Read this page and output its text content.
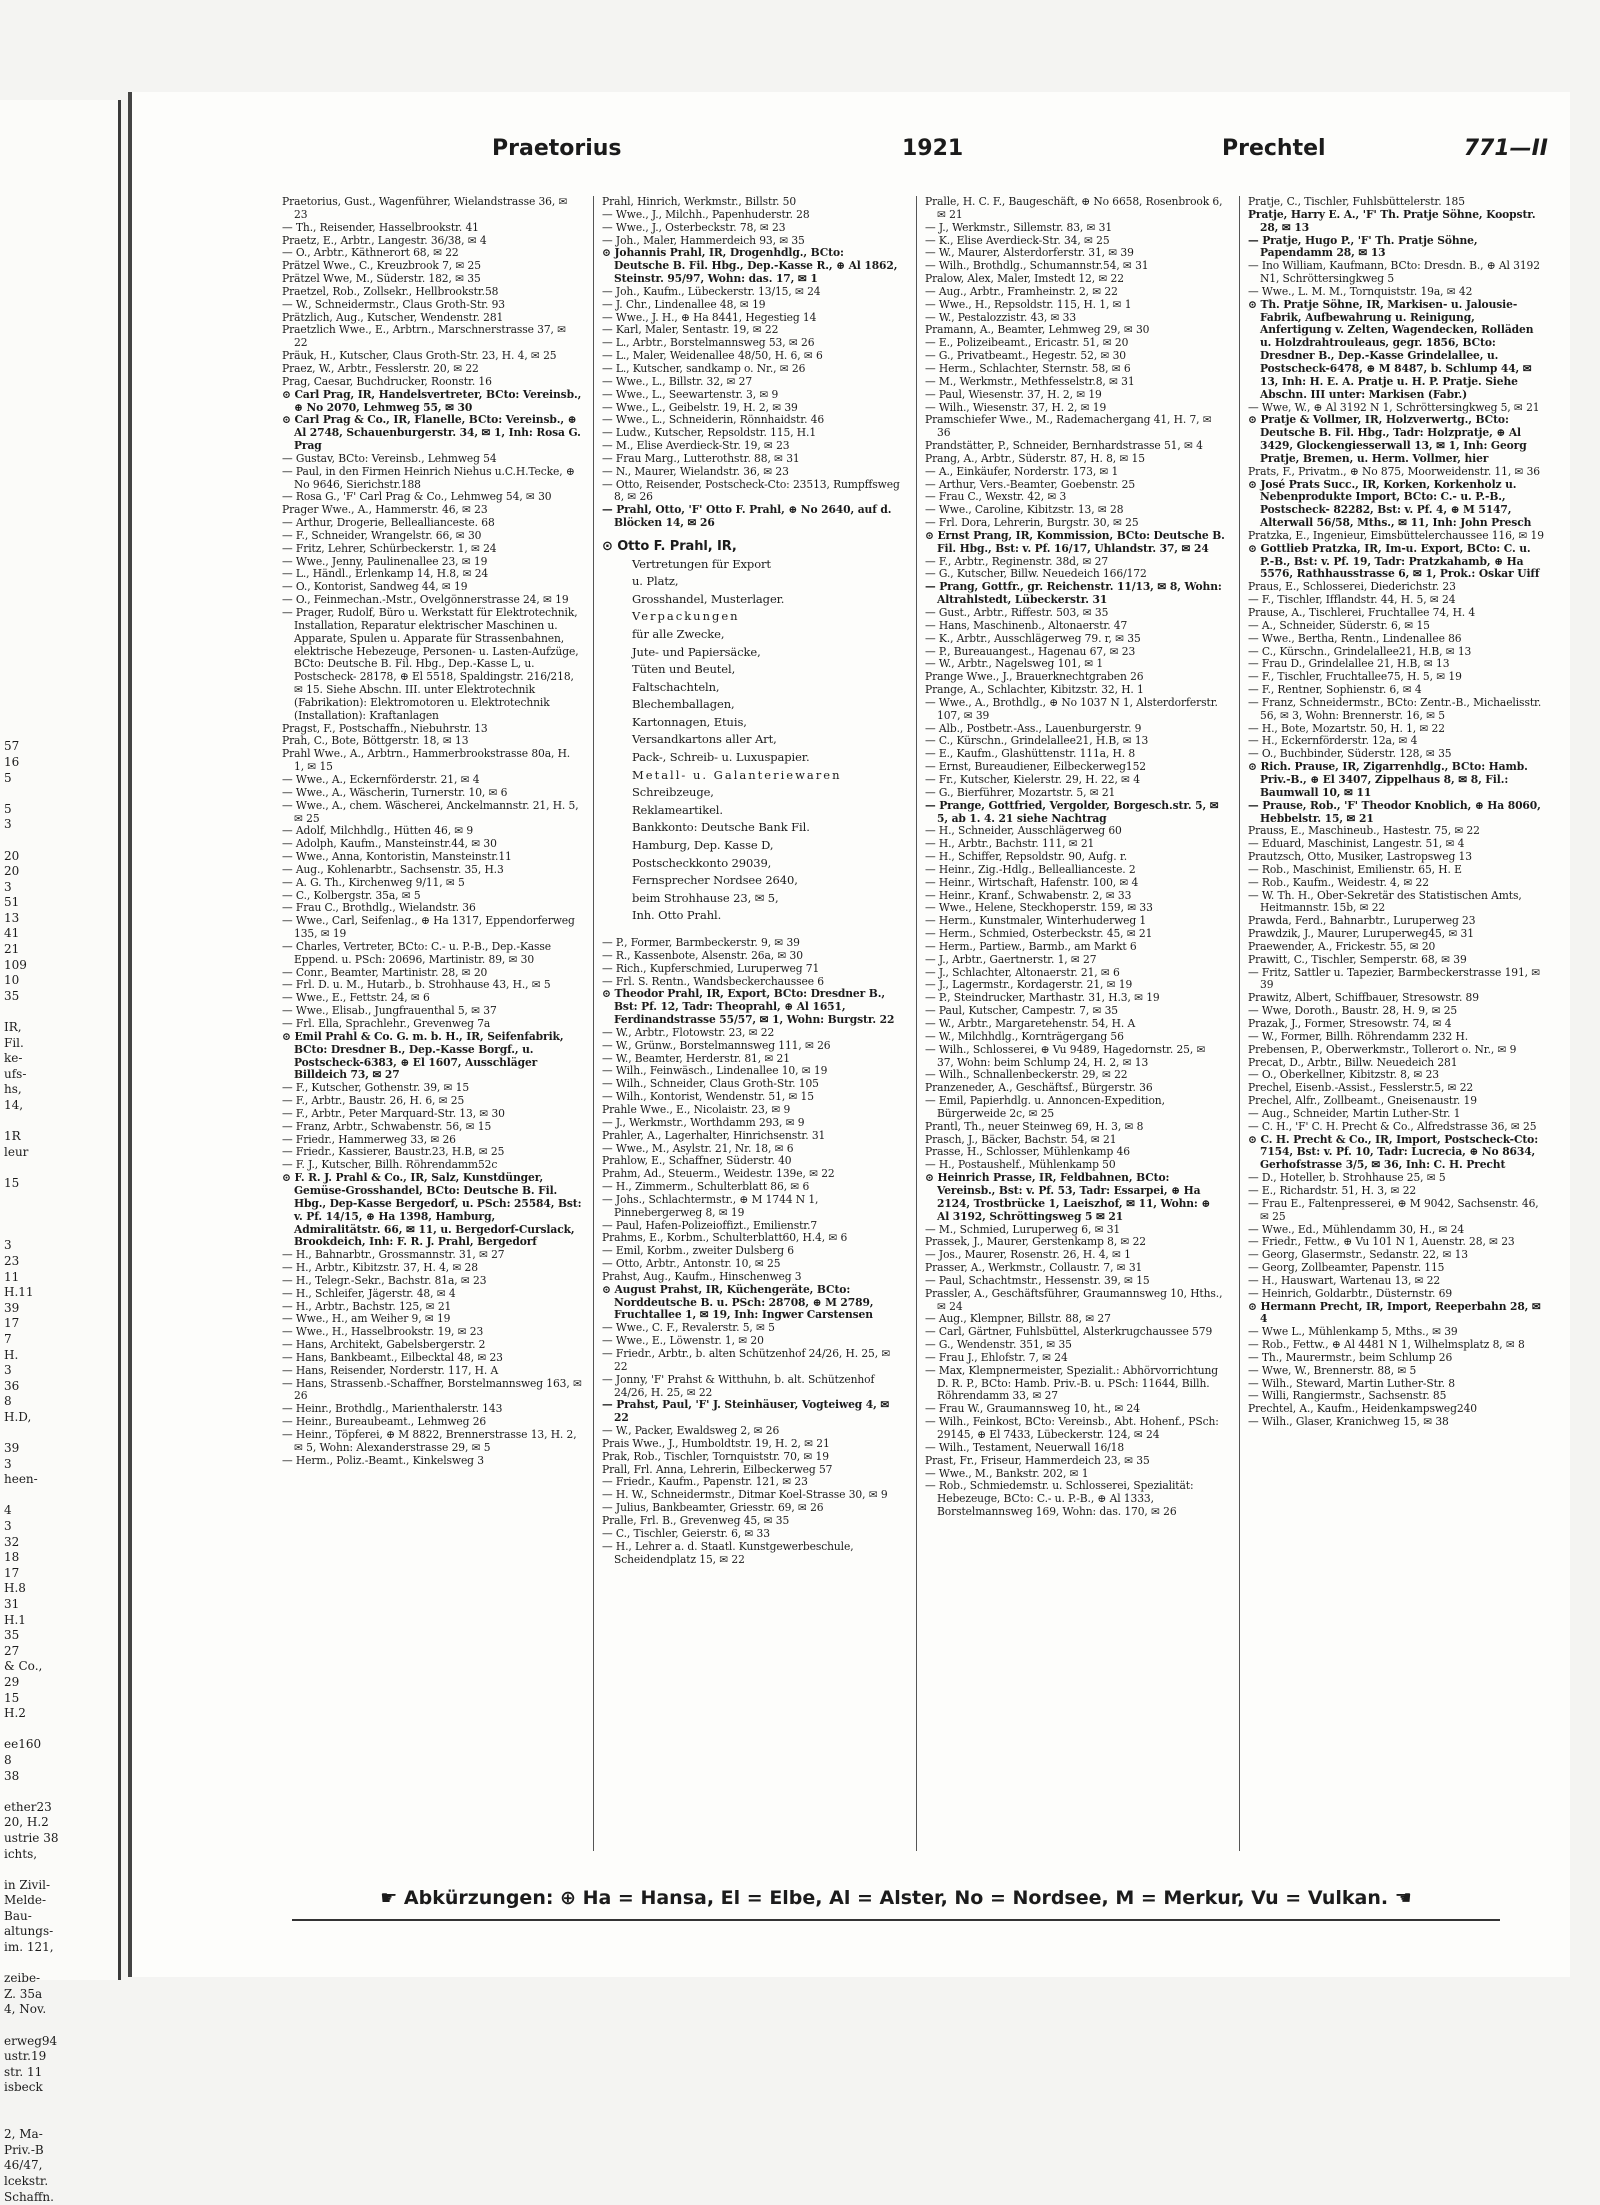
57
16
5

5
3

20
20
3
51
13
41
21
109
10
35

IR,
Fil.
ke-
ufs-
hs,
14,

1R
leur

15

3
23
11
H.11
39
17
7
H.
3
36
8
H.D,

39
3
heen-

4
3
32
18
17
H.8
31
H.1
35
27
& Co.,
29
15
H.2

ee160
8
38

ether23
20, H.2
ustrie 38
ichts,

in Zivil-
Melde-
Bau-
altungs-
im. 121,

zeibe-
Z. 35a
4, Nov.

erweg94
ustr.19
str. 11
isbeck

2, Ma-
Priv.-B
46/47,
lcekstr.
Schaffn.
Praetorius	1921	Prechtel	771—II

Praetorius, Gust., Wagenführer, Wielandstrasse 36, ✉ 23

— Th., Reisender, Hasselbrookstr. 41

Praetz, E., Arbtr., Langestr. 36/38, ✉ 4

— O., Arbtr., Käthnerort 68, ✉ 22

Prätzel Wwe., C., Kreuzbrook 7, ✉ 25

Prätzel Wwe, M., Süderstr. 182, ✉ 35

Praetzel, Rob., Zollsekr., Hellbrookstr.58

— W., Schneidermstr., Claus Groth-Str. 93

Prätzlich, Aug., Kutscher, Wendenstr. 281

Praetzlich Wwe., E., Arbtrn., Marschnerstrasse 37, ✉ 22

Präuk, H., Kutscher, Claus Groth-Str. 23, H. 4, ✉ 25

Praez, W., Arbtr., Fesslerstr. 20, ✉ 22

Prag, Caesar, Buchdrucker, Roonstr. 16

⊙ Carl Prag, IR, Handelsvertreter, BCto: Vereinsb., ⊕ No 2070, Lehmweg 55, ✉ 30

⊙ Carl Prag & Co., IR, Flanelle, BCto: Vereinsb., ⊕ Al 2748, Schauenburgerstr. 34, ✉ 1, Inh: Rosa G. Prag

— Gustav, BCto: Vereinsb., Lehmweg 54

— Paul, in den Firmen Heinrich Niehus u.C.H.Tecke, ⊕ No 9646, Sierichstr.188

— Rosa G., 'F' Carl Prag & Co., Lehmweg 54, ✉ 30

Prager Wwe., A., Hammerstr. 46, ✉ 23

— Arthur, Drogerie, Belleallianceste. 68

— F., Schneider, Wrangelstr. 66, ✉ 30

— Fritz, Lehrer, Schürbeckerstr. 1, ✉ 24

— Wwe., Jenny, Paulinenallee 23, ✉ 19

— L., Händl., Erlenkamp 14, H.8, ✉ 24

— O., Kontorist, Sandweg 44, ✉ 19

— O., Feinmechan.-Mstr., Ovelgönnerstrasse 24, ✉ 19

— Prager, Rudolf, Büro u. Werkstatt für Elektrotechnik, Installation, Reparatur elektrischer Maschinen u. Apparate, Spulen u. Apparate für Strassenbahnen, elektrische Hebezeuge, Personen- u. Lasten-Aufzüge, BCto: Deutsche B. Fil. Hbg., Dep.-Kasse L, u. Postscheck- 28178, ⊕ El 5518, Spaldingstr. 216/218, ✉ 15. Siehe Abschn. III. unter Elektrotechnik (Fabrikation): Elektromotoren u. Elektrotechnik (Installation): Kraftanlagen

Pragst, F., Postschaffn., Niebuhrstr. 13

Prah, C., Bote, Böttgerstr. 18, ✉ 13

Prahl Wwe., A., Arbtrn., Hammerbrookstrasse 80a, H. 1, ✉ 15

— Wwe., A., Eckernförderstr. 21, ✉ 4

— Wwe., A., Wäscherin, Turnerstr. 10, ✉ 6

— Wwe., A., chem. Wäscherei, Anckelmannstr. 21, H. 5, ✉ 25

— Adolf, Milchhdlg., Hütten 46, ✉ 9

— Adolph, Kaufm., Mansteinstr.44, ✉ 30

— Wwe., Anna, Kontoristin, Mansteinstr.11

— Aug., Kohlenarbtr., Sachsenstr. 35, H.3

— A. G. Th., Kirchenweg 9/11, ✉ 5

— C., Kolbergstr. 35a, ✉ 5

— Frau C., Brothdlg., Wielandstr. 36

— Wwe., Carl, Seifenlag., ⊕ Ha 1317, Eppendorferweg 135, ✉ 19

— Charles, Vertreter, BCto: C.- u. P.-B., Dep.-Kasse Eppend. u. PSch: 20696, Martinistr. 89, ✉ 30

— Conr., Beamter, Martinistr. 28, ✉ 20

— Frl. D. u. M., Hutarb., b. Strohhause 43, H., ✉ 5

— Wwe., E., Fettstr. 24, ✉ 6

— Wwe., Elisab., Jungfrauenthal 5, ✉ 37

— Frl. Ella, Sprachlehr., Grevenweg 7a

⊙ Emil Prahl & Co. G. m. b. H., IR, Seifenfabrik, BCto: Dresdner B., Dep.-Kasse Borgf., u. Postscheck-6383, ⊕ El 1607, Ausschläger Billdeich 73, ✉ 27

— F., Kutscher, Gothenstr. 39, ✉ 15

— F., Arbtr., Baustr. 26, H. 6, ✉ 25

— F., Arbtr., Peter Marquard-Str. 13, ✉ 30

— Franz, Arbtr., Schwabenstr. 56, ✉ 15

— Friedr., Hammerweg 33, ✉ 26

— Friedr., Kassierer, Baustr.23, H.B, ✉ 25

— F. J., Kutscher, Billh. Röhrendamm52c

⊙ F. R. J. Prahl & Co., IR, Salz, Kunstdünger, Gemüse-Grosshandel, BCto: Deutsche B. Fil. Hbg., Dep-Kasse Bergedorf, u. PSch: 25584, Bst: v. Pf. 14/15, ⊕ Ha 1398, Hamburg, Admiralitätstr. 66, ✉ 11, u. Bergedorf-Curslack, Brookdeich, Inh: F. R. J. Prahl, Bergedorf

— H., Bahnarbtr., Grossmannstr. 31, ✉ 27

— H., Arbtr., Kibitzstr. 37, H. 4, ✉ 28

— H., Telegr.-Sekr., Bachstr. 81a, ✉ 23

— H., Schleifer, Jägerstr. 48, ✉ 4

— H., Arbtr., Bachstr. 125, ✉ 21

— Wwe., H., am Weiher 9, ✉ 19

— Wwe., H., Hasselbrookstr. 19, ✉ 23

— Hans, Architekt, Gabelsbergerstr. 2

— Hans, Bankbeamt., Eilbecktal 48, ✉ 23

— Hans, Reisender, Norderstr. 117, H. A

— Hans, Strassenb.-Schaffner, Borstelmannsweg 163, ✉ 26

— Heinr., Brothdlg., Marienthalerstr. 143

— Heinr., Bureaubeamt., Lehmweg 26

— Heinr., Töpferei, ⊕ M 8822, Brennerstrasse 13, H. 2, ✉ 5, Wohn: Alexanderstrasse 29, ✉ 5

— Herm., Poliz.-Beamt., Kinkelsweg 3

Prahl, Hinrich, Werkmstr., Billstr. 50

— Wwe., J., Milchh., Papenhuderstr. 28

— Wwe., J., Osterbeckstr. 78, ✉ 23

— Joh., Maler, Hammerdeich 93, ✉ 35

⊙ Johannis Prahl, IR, Drogenhdlg., BCto: Deutsche B. Fil. Hbg., Dep.-Kasse R., ⊕ Al 1862, Steinstr. 95/97, Wohn: das. 17, ✉ 1

— Joh., Kaufm., Lübeckerstr. 13/15, ✉ 24

— J. Chr., Lindenallee 48, ✉ 19

— Wwe., J. H., ⊕ Ha 8441, Hegestieg 14

— Karl, Maler, Sentastr. 19, ✉ 22

— L., Arbtr., Borstelmannsweg 53, ✉ 26

— L., Maler, Weidenallee 48/50, H. 6, ✉ 6

— L., Kutscher, sandkamp o. Nr., ✉ 26

— Wwe., L., Billstr. 32, ✉ 27

— Wwe., L., Seewartenstr. 3, ✉ 9

— Wwe., L., Geibelstr. 19, H. 2, ✉ 39

— Wwe., L., Schneiderin, Rönnhaidstr. 46

— Ludw., Kutscher, Repsoldstr. 115, H.1

— M., Elise Averdieck-Str. 19, ✉ 23

— Frau Marg., Lutterothstr. 88, ✉ 31

— N., Maurer, Wielandstr. 36, ✉ 23

— Otto, Reisender, Postscheck-Cto: 23513, Rumpffsweg 8, ✉ 26

— Prahl, Otto, 'F' Otto F. Prahl, ⊕ No 2640, auf d. Blöcken 14, ✉ 26

⊙ Otto F. Prahl, IR,
Vertretungen für Export
u. Platz,
Grosshandel, Musterlager.
Verpackungen
für alle Zwecke,
Jute- und Papiersäcke,
Tüten und Beutel,
Faltschachteln,
Blechemballagen,
Kartonnagen, Etuis,
Versandkartons aller Art,
Pack-, Schreib- u. Luxuspapier.
Metall- u. Galanteriewaren
Schreibzeuge,
Reklameartikel.
Bankkonto: Deutsche Bank Fil.
Hamburg, Dep. Kasse D,
Postscheckkonto 29039,
Fernsprecher Nordsee 2640,
beim Strohhause 23, ✉ 5,
Inh. Otto Prahl.

— P., Former, Barmbeckerstr. 9, ✉ 39

— R., Kassenbote, Alsenstr. 26a, ✉ 30

— Rich., Kupferschmied, Luruperweg 71

— Frl. S. Rentn., Wandsbeckerchaussee 6

⊙ Theodor Prahl, IR, Export, BCto: Dresdner B., Bst: Pf. 12, Tadr: Theoprahl, ⊕ Al 1651, Ferdinandstrasse 55/57, ✉ 1, Wohn: Burgstr. 22

— W., Arbtr., Flotowstr. 23, ✉ 22

— W., Grünw., Borstelmannsweg 111, ✉ 26

— W., Beamter, Herderstr. 81, ✉ 21

— Wilh., Feinwäsch., Lindenallee 10, ✉ 19

— Wilh., Schneider, Claus Groth-Str. 105

— Wilh., Kontorist, Wendenstr. 51, ✉ 15

Prahle Wwe., E., Nicolaistr. 23, ✉ 9

— J., Werkmstr., Worthdamm 293, ✉ 9

Prahler, A., Lagerhalter, Hinrichsenstr. 31

— Wwe., M., Asylstr. 21, Nr. 18, ✉ 6

Prahlow, E., Schaffner, Süderstr. 40

Prahm, Ad., Steuerm., Weidestr. 139e, ✉ 22

— H., Zimmerm., Schulterblatt 86, ✉ 6

— Johs., Schlachtermstr., ⊕ M 1744 N 1, Pinnebergerweg 8, ✉ 19

— Paul, Hafen-Polizeioffizt., Emilienstr.7

Prahms, E., Korbm., Schulterblatt60, H.4, ✉ 6

— Emil, Korbm., zweiter Dulsberg 6

— Otto, Arbtr., Antonstr. 10, ✉ 25

Prahst, Aug., Kaufm., Hinschenweg 3

⊙ August Prahst, IR, Küchengeräte, BCto: Norddeutsche B. u. PSch: 28708, ⊕ M 2789, Fruchtallee 1, ✉ 19, Inh: Ingwer Carstensen

— Wwe., C. F., Revalerstr. 5, ✉ 5

— Wwe., E., Löwenstr. 1, ✉ 20

— Friedr., Arbtr., b. alten Schützenhof 24/26, H. 25, ✉ 22

— Jonny, 'F' Prahst & Witthuhn, b. alt. Schützenhof 24/26, H. 25, ✉ 22

— Prahst, Paul, 'F' J. Steinhäuser, Vogteiweg 4, ✉ 22

— W., Packer, Ewaldsweg 2, ✉ 26

Prais Wwe., J., Humboldtstr. 19, H. 2, ✉ 21

Prak, Rob., Tischler, Tornquiststr. 70, ✉ 19

Prall, Frl. Anna, Lehrerin, Eilbeckerweg 57

— Friedr., Kaufm., Papenstr. 121, ✉ 23

— H. W., Schneidermstr., Ditmar Koel-Strasse 30, ✉ 9

— Julius, Bankbeamter, Griesstr. 69, ✉ 26

Pralle, Frl. B., Grevenweg 45, ✉ 35

— C., Tischler, Geierstr. 6, ✉ 33

— H., Lehrer a. d. Staatl. Kunstgewerbeschule, Scheidendplatz 15, ✉ 22

Pralle, H. C. F., Baugeschäft, ⊕ No 6658, Rosenbrook 6, ✉ 21

— J., Werkmstr., Sillemstr. 83, ✉ 31

— K., Elise Averdieck-Str. 34, ✉ 25

— W., Maurer, Alsterdorferstr. 31, ✉ 39

— Wilh., Brothdlg., Schumannstr.54, ✉ 31

Pralow, Alex, Maler, Imstedt 12, ✉ 22

— Aug., Arbtr., Framheinstr. 2, ✉ 22

— Wwe., H., Repsoldstr. 115, H. 1, ✉ 1

— W., Pestalozzistr. 43, ✉ 33

Pramann, A., Beamter, Lehmweg 29, ✉ 30

— E., Polizeibeamt., Ericastr. 51, ✉ 20

— G., Privatbeamt., Hegestr. 52, ✉ 30

— Herm., Schlachter, Sternstr. 58, ✉ 6

— M., Werkmstr., Methfesselstr.8, ✉ 31

— Paul, Wiesenstr. 37, H. 2, ✉ 19

— Wilh., Wiesenstr. 37, H. 2, ✉ 19

Pramschiefer Wwe., M., Rademachergang 41, H. 7, ✉ 36

Prandstätter, P., Schneider, Bernhardstrasse 51, ✉ 4

Prang, A., Arbtr., Süderstr. 87, H. 8, ✉ 15

— A., Einkäufer, Norderstr. 173, ✉ 1

— Arthur, Vers.-Beamter, Goebenstr. 25

— Frau C., Wexstr. 42, ✉ 3

— Wwe., Caroline, Kibitzstr. 13, ✉ 28

— Frl. Dora, Lehrerin, Burgstr. 30, ✉ 25

⊙ Ernst Prang, IR, Kommission, BCto: Deutsche B. Fil. Hbg., Bst: v. Pf. 16/17, Uhlandstr. 37, ✉ 24

— F., Arbtr., Reginenstr. 38d, ✉ 27

— G., Kutscher, Billw. Neuedeich 166/172

— Prang, Gottfr., gr. Reichenstr. 11/13, ✉ 8, Wohn: Altrahlstedt, Lübeckerstr. 31

— Gust., Arbtr., Riffestr. 503, ✉ 35

— Hans, Maschinenb., Altonaerstr. 47

— K., Arbtr., Ausschlägerweg 79. r, ✉ 35

— P., Bureauangest., Hagenau 67, ✉ 23

— W., Arbtr., Nagelsweg 101, ✉ 1

Prange Wwe., J., Brauerknechtgraben 26

Prange, A., Schlachter, Kibitzstr. 32, H. 1

— Wwe., A., Brothdlg., ⊕ No 1037 N 1, Alsterdorferstr. 107, ✉ 39

— Alb., Postbetr.-Ass., Lauenburgerstr. 9

— C., Kürschn., Grindelallee21, H.B, ✉ 13

— E., Kaufm., Glashüttenstr. 111a, H. 8

— Ernst, Bureaudiener, Eilbeckerweg152

— Fr., Kutscher, Kielerstr. 29, H. 22, ✉ 4

— G., Bierführer, Mozartstr. 5, ✉ 21

— Prange, Gottfried, Vergolder, Borgesch.str. 5, ✉ 5, ab 1. 4. 21 siehe Nachtrag

— H., Schneider, Ausschlägerweg 60

— H., Arbtr., Bachstr. 111, ✉ 21

— H., Schiffer, Repsoldstr. 90, Aufg. r.

— Heinr., Zig.-Hdlg., Belleallianceste. 2

— Heinr., Wirtschaft, Hafenstr. 100, ✉ 4

— Heinr., Kranf., Schwabenstr. 2, ✉ 33

— Wwe., Helene, Steckhoperstr. 159, ✉ 33

— Herm., Kunstmaler, Winterhuderweg 1

— Herm., Schmied, Osterbeckstr. 45, ✉ 21

— Herm., Partiew., Barmb., am Markt 6

— J., Arbtr., Gaertnerstr. 1, ✉ 27

— J., Schlachter, Altonaerstr. 21, ✉ 6

— J., Lagermstr., Kordagerstr. 21, ✉ 19

— P., Steindrucker, Marthastr. 31, H.3, ✉ 19

— Paul, Kutscher, Campestr. 7, ✉ 35

— W., Arbtr., Margaretehenstr. 54, H. A

— W., Milchhdlg., Kornträgergang 56

— Wilh., Schlosserei, ⊕ Vu 9489, Hagedornstr. 25, ✉ 37, Wohn: beim Schlump 24, H. 2, ✉ 13

— Wilh., Schnallenbeckerstr. 29, ✉ 22

Pranzeneder, A., Geschäftsf., Bürgerstr. 36

— Emil, Papierhdlg. u. Annoncen-Expedition, Bürgerweide 2c, ✉ 25

Prantl, Th., neuer Steinweg 69, H. 3, ✉ 8

Prasch, J., Bäcker, Bachstr. 54, ✉ 21

Prasse, H., Schlosser, Mühlenkamp 46

— H., Postaushelf., Mühlenkamp 50

⊙ Heinrich Prasse, IR, Feldbahnen, BCto: Vereinsb., Bst: v. Pf. 53, Tadr: Essarpei, ⊕ Ha 2124, Trostbrücke 1, Laeiszhof, ✉ 11, Wohn: ⊕ Al 3192, Schröttingsweg 5 ✉ 21

— M., Schmied, Luruperweg 6, ✉ 31

Prassek, J., Maurer, Gerstenkamp 8, ✉ 22

— Jos., Maurer, Rosenstr. 26, H. 4, ✉ 1

Prasser, A., Werkmstr., Collaustr. 7, ✉ 31

— Paul, Schachtmstr., Hessenstr. 39, ✉ 15

Prassler, A., Geschäftsführer, Graumannsweg 10, Hths., ✉ 24

— Aug., Klempner, Billstr. 88, ✉ 27

— Carl, Gärtner, Fuhlsbüttel, Alsterkrugchaussee 579

— G., Wendenstr. 351, ✉ 35

— Frau J., Ehlofstr. 7, ✉ 24

— Max, Klempnermeister, Spezialit.: Abhörvorrichtung D. R. P., BCto: Hamb. Priv.-B. u. PSch: 11644, Billh. Röhrendamm 33, ✉ 27

— Frau W., Graumannsweg 10, ht., ✉ 24

— Wilh., Feinkost, BCto: Vereinsb., Abt. Hohenf., PSch: 29145, ⊕ El 7433, Lübeckerstr. 124, ✉ 24

— Wilh., Testament, Neuerwall 16/18

Prast, Fr., Friseur, Hammerdeich 23, ✉ 35

— Wwe., M., Bankstr. 202, ✉ 1

— Rob., Schmiedemstr. u. Schlosserei, Spezialität: Hebezeuge, BCto: C.- u. P.-B., ⊕ Al 1333, Borstelmannsweg 169, Wohn: das. 170, ✉ 26

Pratje, C., Tischler, Fuhlsbüttelerstr. 185

Pratje, Harry E. A., 'F' Th. Pratje Söhne, Koopstr. 28, ✉ 13

— Pratje, Hugo P., 'F' Th. Pratje Söhne, Papendamm 28, ✉ 13

— Ino William, Kaufmann, BCto: Dresdn. B., ⊕ Al 3192 N1, Schröttersingkweg 5

— Wwe., L. M. M., Tornquiststr. 19a, ✉ 42

⊙ Th. Pratje Söhne, IR, Markisen- u. Jalousie-Fabrik, Aufbewahrung u. Reinigung, Anfertigung v. Zelten, Wagendecken, Rolläden u. Holzdrahtrouleaus, gegr. 1856, BCto: Dresdner B., Dep.-Kasse Grindelallee, u. Postscheck-6478, ⊕ M 8487, b. Schlump 44, ✉ 13, Inh: H. E. A. Pratje u. H. P. Pratje. Siehe Abschn. III unter: Markisen (Fabr.)

— Wwe, W., ⊕ Al 3192 N 1, Schröttersingkweg 5, ✉ 21

⊙ Pratje & Vollmer, IR, Holzverwertg., BCto: Deutsche B. Fil. Hbg., Tadr: Holzpratje, ⊕ Al 3429, Glockengiesserwall 13, ✉ 1, Inh: Georg Pratje, Bremen, u. Herm. Vollmer, hier

Prats, F., Privatm., ⊕ No 875, Moorweidenstr. 11, ✉ 36

⊙ José Prats Succ., IR, Korken, Korkenholz u. Nebenprodukte Import, BCto: C.- u. P.-B., Postscheck- 82282, Bst: v. Pf. 4, ⊕ M 5147, Alterwall 56/58, Mths., ✉ 11, Inh: John Presch

Pratzka, E., Ingenieur, Eimsbüttelerchaussee 116, ✉ 19

⊙ Gottlieb Pratzka, IR, Im-u. Export, BCto: C. u. P.-B., Bst: v. Pf. 19, Tadr: Pratzkahamb, ⊕ Ha 5576, Rathhausstrasse 6, ✉ 1, Prok.: Oskar Uiff

Praus, E., Schlosserei, Diederichstr. 23

— F., Tischler, Ifflandstr. 44, H. 5, ✉ 24

Prause, A., Tischlerei, Fruchtallee 74, H. 4

— A., Schneider, Süderstr. 6, ✉ 15

— Wwe., Bertha, Rentn., Lindenallee 86

— C., Kürschn., Grindelallee21, H.B, ✉ 13

— Frau D., Grindelallee 21, H.B, ✉ 13

— F., Tischler, Fruchtallee75, H. 5, ✉ 19

— F., Rentner, Sophienstr. 6, ✉ 4

— Franz, Schneidermstr., BCto: Zentr.-B., Michaelisstr. 56, ✉ 3, Wohn: Brennerstr. 16, ✉ 5

— H., Bote, Mozartstr. 50, H. 1, ✉ 22

— H., Eckernförderstr. 12a, ✉ 4

— O., Buchbinder, Süderstr. 128, ✉ 35

⊙ Rich. Prause, IR, Zigarrenhdlg., BCto: Hamb. Priv.-B., ⊕ El 3407, Zippelhaus 8, ✉ 8, Fil.: Baumwall 10, ✉ 11

— Prause, Rob., 'F' Theodor Knoblich, ⊕ Ha 8060, Hebbelstr. 15, ✉ 21

Prauss, E., Maschineub., Hastestr. 75, ✉ 22

— Eduard, Maschinist, Langestr. 51, ✉ 4

Prautzsch, Otto, Musiker, Lastropsweg 13

— Rob., Maschinist, Emilienstr. 65, H. E

— Rob., Kaufm., Weidestr. 4, ✉ 22

— W. Th. H., Ober-Sekretär des Statistischen Amts, Heitmannstr. 15b, ✉ 22

Prawda, Ferd., Bahnarbtr., Luruperweg 23

Prawdzik, J., Maurer, Luruperweg45, ✉ 31

Praewender, A., Frickestr. 55, ✉ 20

Prawitt, C., Tischler, Semperstr. 68, ✉ 39

— Fritz, Sattler u. Tapezier, Barmbeckerstrasse 191, ✉ 39

Prawitz, Albert, Schiffbauer, Stresowstr. 89

— Wwe, Doroth., Baustr. 28, H. 9, ✉ 25

Prazak, J., Former, Stresowstr. 74, ✉ 4

— W., Former, Billh. Röhrendamm 232 H.

Prebensen, P., Oberwerkmstr., Tollerort o. Nr., ✉ 9

Precat, D., Arbtr., Billw. Neuedeich 281

— O., Oberkellner, Kibitzstr. 8, ✉ 23

Prechel, Eisenb.-Assist., Fesslerstr.5, ✉ 22

Prechel, Alfr., Zollbeamt., Gneisenaustr. 19

— Aug., Schneider, Martin Luther-Str. 1

— C. H., 'F' C. H. Precht & Co., Alfredstrasse 36, ✉ 25

⊙ C. H. Precht & Co., IR, Import, Postscheck-Cto: 7154, Bst: v. Pf. 10, Tadr: Lucrecia, ⊕ No 8634, Gerhofstrasse 3/5, ✉ 36, Inh: C. H. Precht

— D., Hoteller, b. Strohhause 25, ✉ 5

— E., Richardstr. 51, H. 3, ✉ 22

— Frau E., Faltenpresserei, ⊕ M 9042, Sachsenstr. 46, ✉ 25

— Wwe., Ed., Mühlendamm 30, H., ✉ 24

— Friedr., Fettw., ⊕ Vu 101 N 1, Auenstr. 28, ✉ 23

— Georg, Glasermstr., Sedanstr. 22, ✉ 13

— Georg, Zollbeamter, Papenstr. 115

— H., Hauswart, Wartenau 13, ✉ 22

— Heinrich, Goldarbtr., Düsternstr. 69

⊙ Hermann Precht, IR, Import, Reeperbahn 28, ✉ 4

— Wwe L., Mühlenkamp 5, Mths., ✉ 39

— Rob., Fettw., ⊕ Al 4481 N 1, Wilhelmsplatz 8, ✉ 8

— Th., Maurermstr., beim Schlump 26

— Wwe, W., Brennerstr. 88, ✉ 5

— Wilh., Steward, Martin Luther-Str. 8

— Willi, Rangiermstr., Sachsenstr. 85

Prechtel, A., Kaufm., Heidenkampsweg240

— Wilh., Glaser, Kranichweg 15, ✉ 38

☛ Abkürzungen: ⊕ Ha = Hansa, El = Elbe, Al = Alster, No = Nordsee, M = Merkur, Vu = Vulkan. ☚
